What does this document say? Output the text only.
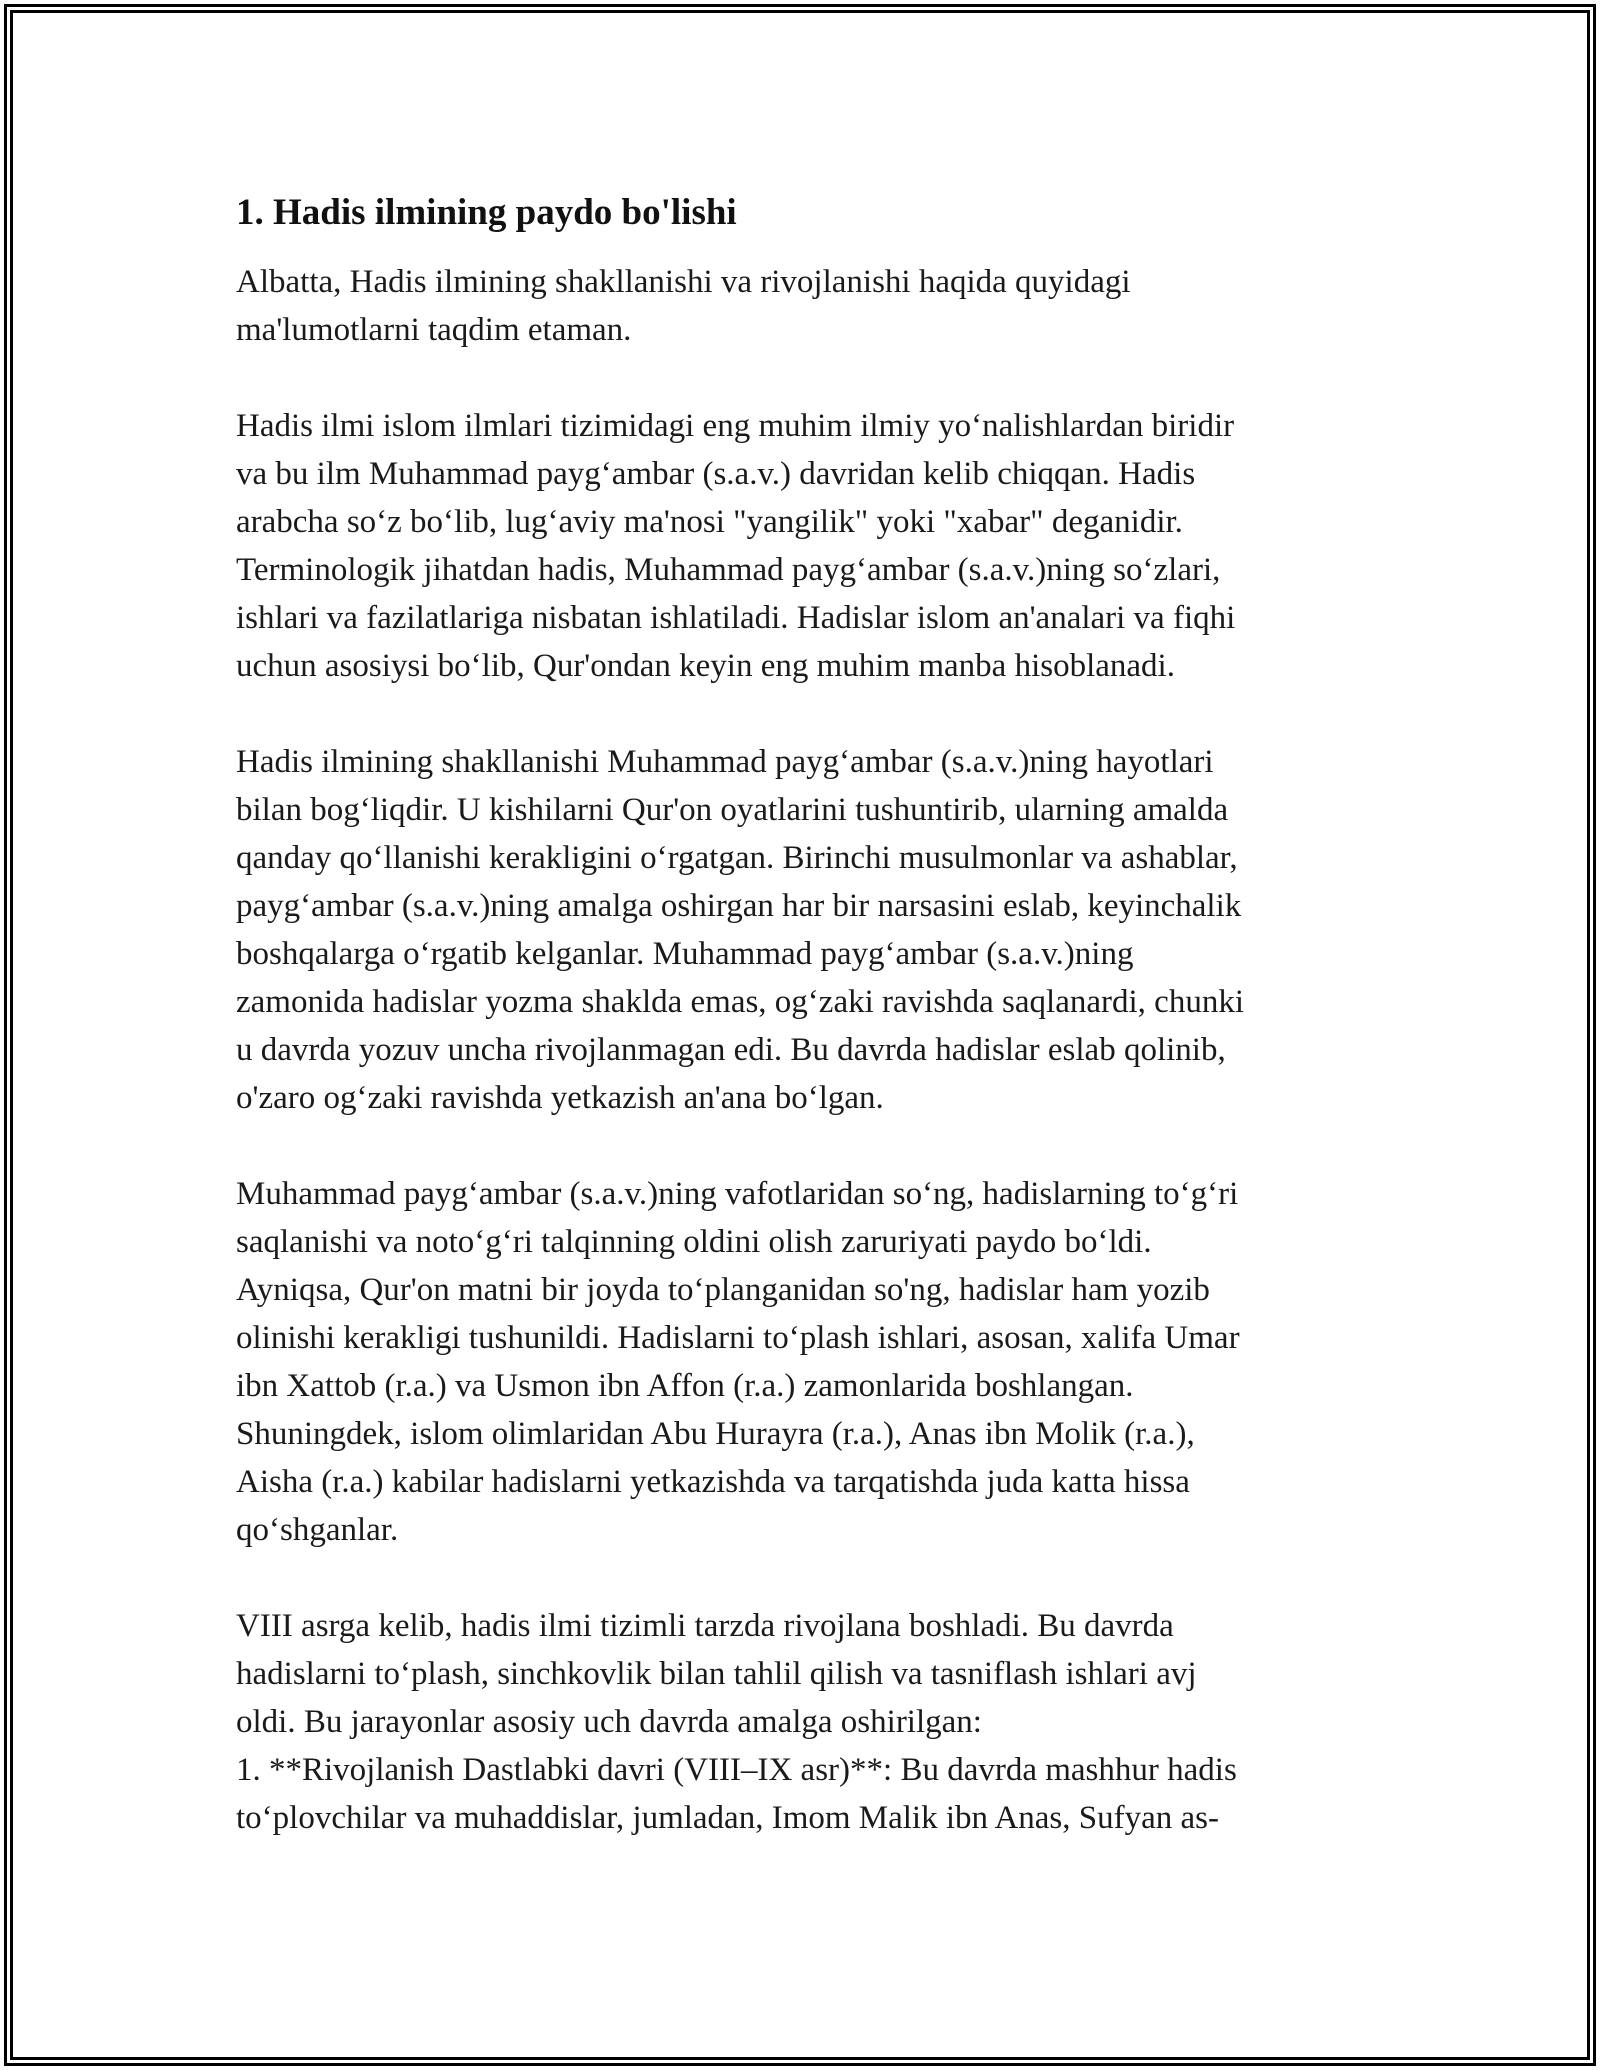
1. Hadis ilmining paydo bo'lishi

Albatta, Hadis ilmining shakllanishi va rivojlanishi haqida quyidagi
ma'lumotlarni taqdim etaman.

Hadis ilmi islom ilmlari tizimidagi eng muhim ilmiy yo‘nalishlardan biridir
va bu ilm Muhammad payg‘ambar (s.a.v.) davridan kelib chiqqan. Hadis
arabcha so‘z bo‘lib, lug‘aviy ma'nosi "yangilik" yoki "xabar" deganidir.
Terminologik jihatdan hadis, Muhammad payg‘ambar (s.a.v.)ning so‘zlari,
ishlari va fazilatlariga nisbatan ishlatiladi. Hadislar islom an'analari va fiqhi
uchun asosiysi bo‘lib, Qur'ondan keyin eng muhim manba hisoblanadi.

Hadis ilmining shakllanishi Muhammad payg‘ambar (s.a.v.)ning hayotlari
bilan bog‘liqdir. U kishilarni Qur'on oyatlarini tushuntirib, ularning amalda
qanday qo‘llanishi kerakligini o‘rgatgan. Birinchi musulmonlar va ashablar,
payg‘ambar (s.a.v.)ning amalga oshirgan har bir narsasini eslab, keyinchalik
boshqalarga o‘rgatib kelganlar. Muhammad payg‘ambar (s.a.v.)ning
zamonida hadislar yozma shaklda emas, og‘zaki ravishda saqlanardi, chunki
u davrda yozuv uncha rivojlanmagan edi. Bu davrda hadislar eslab qolinib,
o'zaro og‘zaki ravishda yetkazish an'ana bo‘lgan.

Muhammad payg‘ambar (s.a.v.)ning vafotlaridan so‘ng, hadislarning to‘g‘ri
saqlanishi va noto‘g‘ri talqinning oldini olish zaruriyati paydo bo‘ldi.
Ayniqsa, Qur'on matni bir joyda to‘planganidan so'ng, hadislar ham yozib
olinishi kerakligi tushunildi. Hadislarni to‘plash ishlari, asosan, xalifa Umar
ibn Xattob (r.a.) va Usmon ibn Affon (r.a.) zamonlarida boshlangan.
Shuningdek, islom olimlaridan Abu Hurayra (r.a.), Anas ibn Molik (r.a.),
Aisha (r.a.) kabilar hadislarni yetkazishda va tarqatishda juda katta hissa
qo‘shganlar.

VIII asrga kelib, hadis ilmi tizimli tarzda rivojlana boshladi. Bu davrda
hadislarni to‘plash, sinchkovlik bilan tahlil qilish va tasniflash ishlari avj
oldi. Bu jarayonlar asosiy uch davrda amalga oshirilgan:
1. **Rivojlanish Dastlabki davri (VIII–IX asr)**: Bu davrda mashhur hadis
to‘plovchilar va muhaddislar, jumladan, Imom Malik ibn Anas, Sufyan as-
